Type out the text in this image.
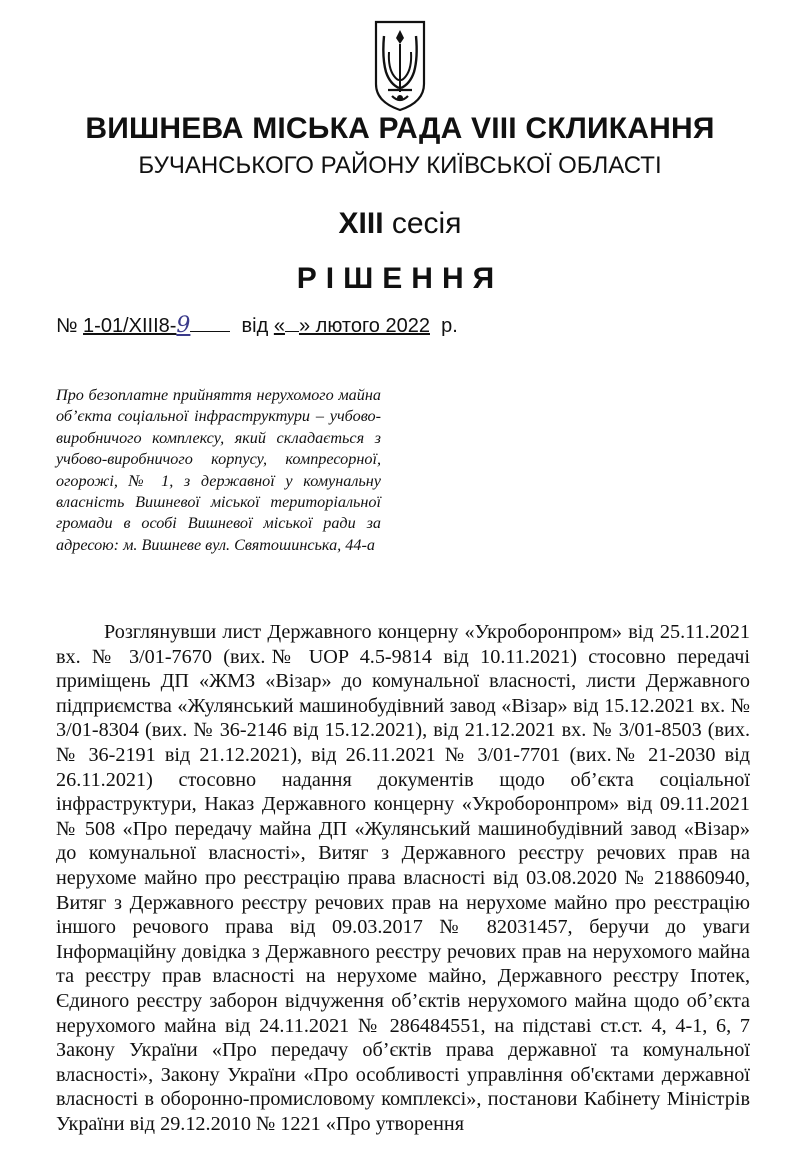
ВИШНЕВА МІСЬКА РАДА VIII СКЛИКАННЯ
БУЧАНСЬКОГО РАЙОНУ КИЇВСЬКОЇ ОБЛАСТІ
XIII сесія
РІШЕННЯ
№ 1-01/XIII8-9	від « » лютого 2022 р.
Про безоплатне прийняття нерухомого майна об’єкта соціальної інфраструктури – учбово-виробничого комплексу, який складається з учбово-виробничого корпусу, компресорної, огорожі, № 1, з державної у комунальну власність Вишневої міської територіальної громади в особі Вишневої міської ради за адресою: м. Вишневе вул. Святошинська, 44-а
Розглянувши лист Державного концерну «Укроборонпром» від 25.11.2021 вх. № 3/01-7670 (вих.№ UOP 4.5-9814 від 10.11.2021) стосовно передачі приміщень ДП «ЖМЗ «Візар» до комунальної власності, листи Державного підприємства «Жулянський машинобудівний завод «Візар» від 15.12.2021 вх. № 3/01-8304 (вих. № 36-2146 від 15.12.2021), від 21.12.2021 вх. № 3/01-8503 (вих. № 36-2191 від 21.12.2021), від 26.11.2021 № 3/01-7701 (вих.№ 21-2030 від 26.11.2021) стосовно надання документів щодо об’єкта соціальної інфраструктури, Наказ Державного концерну «Укроборонпром» від 09.11.2021 № 508 «Про передачу майна ДП «Жулянський машинобудівний завод «Візар» до комунальної власності», Витяг з Державного реєстру речових прав на нерухоме майно про реєстрацію права власності від 03.08.2020 № 218860940, Витяг з Державного реєстру речових прав на нерухоме майно про реєстрацію іншого речового права від 09.03.2017 № 82031457, беручи до уваги Інформаційну довідка з Державного реєстру речових прав на нерухомого майна та реєстру прав власності на нерухоме майно, Державного реєстру Іпотек, Єдиного реєстру заборон відчуження об’єктів нерухомого майна щодо об’єкта нерухомого майна від 24.11.2021 № 286484551, на підставі ст.ст. 4, 4-1, 6, 7 Закону України «Про передачу об’єктів права державної та комунальної власності», Закону України «Про особливості управління об'єктами державної власності в оборонно-промисловому комплексі», постанови Кабінету Міністрів України від 29.12.2010 № 1221 «Про утворення
